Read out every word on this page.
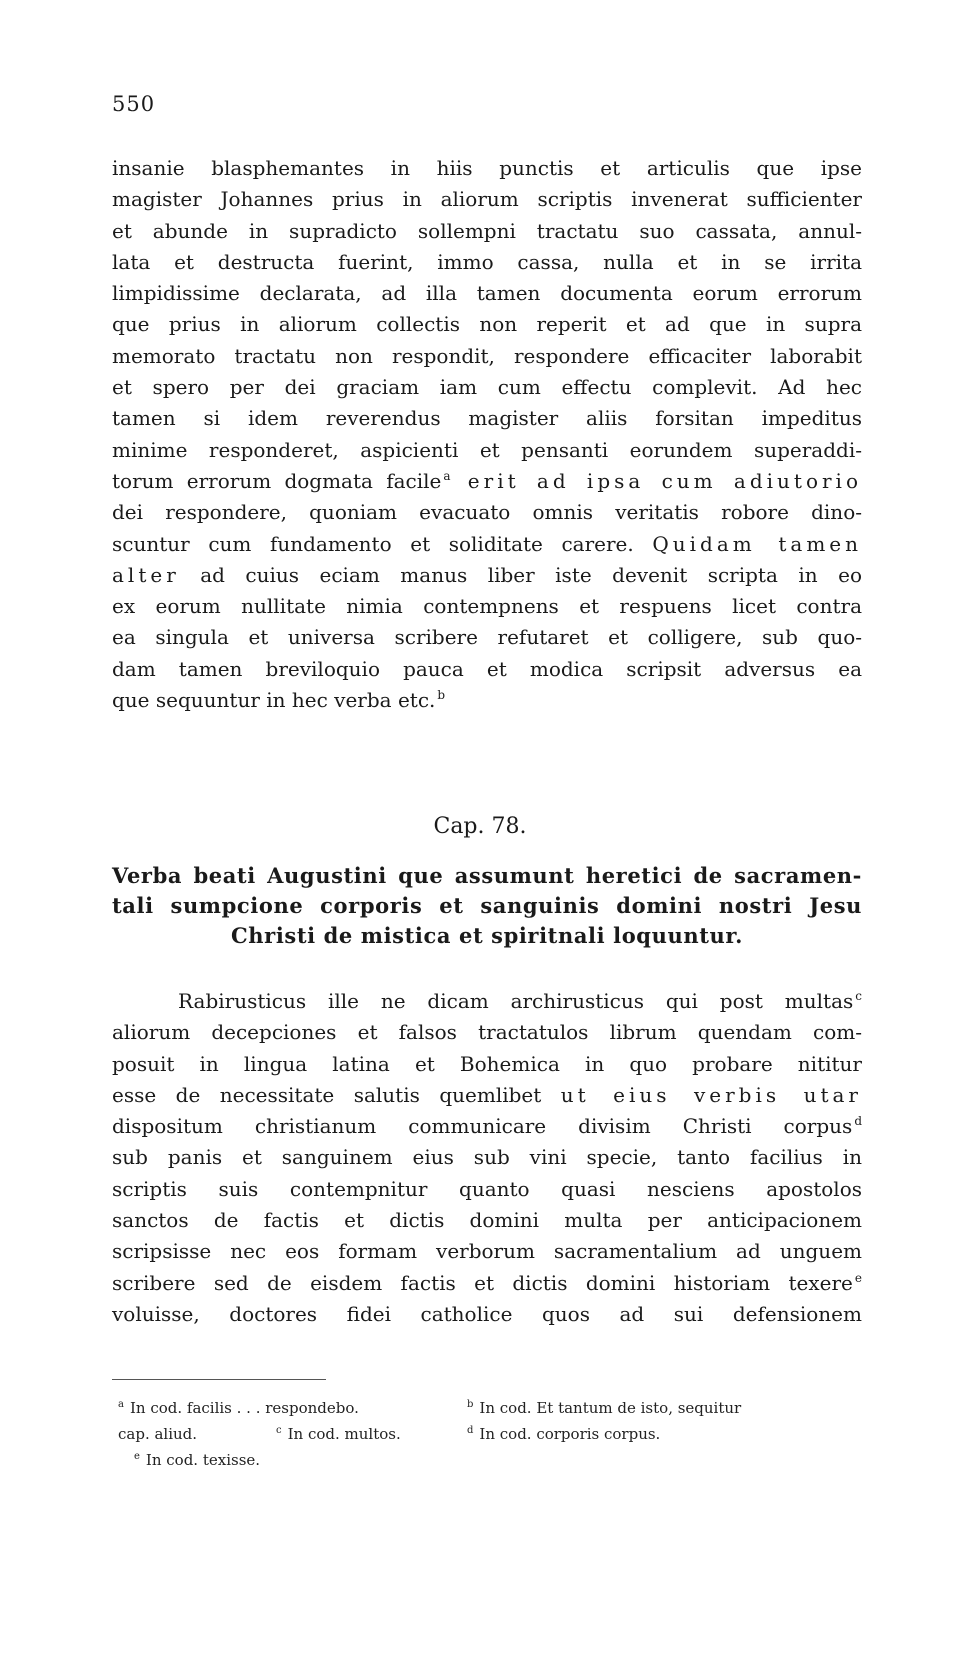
550
insanie blasphemantes in hiis punctis et articulis que ipse
magister Johannes prius in aliorum scriptis invenerat sufficienter
et abunde in supradicto sollempni tractatu suo cassata, annul-
lata et destructa fuerint, immo cassa, nulla et in se irrita
limpidissime declarata, ad illa tamen documenta eorum errorum
que prius in aliorum collectis non reperit et ad que in supra
memorato tractatu non respondit, respondere efficaciter laborabit
et spero per dei graciam iam cum effectu complevit. Ad hec
tamen si idem reverendus magister aliis forsitan impeditus
minime responderet, aspicienti et pensanti eorundem superaddi-
torum errorum dogmata facile $^a$ erit ad ipsa cum adiutorio
dei respondere, quoniam evacuato omnis veritatis robore dino-
scuntur cum fundamento et soliditate carere. Quidam tamen
alter ad cuius eciam manus liber iste devenit scripta in eo
ex eorum nullitate nimia contempnens et respuens licet contra
ea singula et universa scribere refutaret et colligere, sub quo-
dam tamen breviloquio pauca et modica scripsit adversus ea
que sequuntur in hec verba etc. $^b$
Cap. 78.
Verba beati Augustini que assumunt heretici de sacramen-
tali sumpcione corporis et sanguinis domini nostri Jesu
Christi de mistica et spiritnali loquuntur.
Rabirusticus ille ne dicam archirusticus qui post multas $^c$
aliorum decepciones et falsos tractatulos librum quendam com-
posuit in lingua latina et Bohemica in quo probare nititur
esse de necessitate salutis quemlibet ut eius verbis utar
dispositum christianum communicare divisim Christi corpus $^d$
sub panis et sanguinem eius sub vini specie, tanto facilius in
scriptis suis contempnitur quanto quasi nesciens apostolos
sanctos de factis et dictis domini multa per anticipacionem
scripsisse nec eos formam verborum sacramentalium ad unguem
scribere sed de eisdem factis et dictis domini historiam texere $^e$
voluisse, doctores fidei catholice quos ad sui defensionem
$^a$ In cod. facilis . . . respondebo.	$^b$ In cod. Et tantum de isto, sequitur
cap. aliud.	$^c$ In cod. multos.	$^d$ In cod. corporis corpus.
$^e$ In cod. texisse.
